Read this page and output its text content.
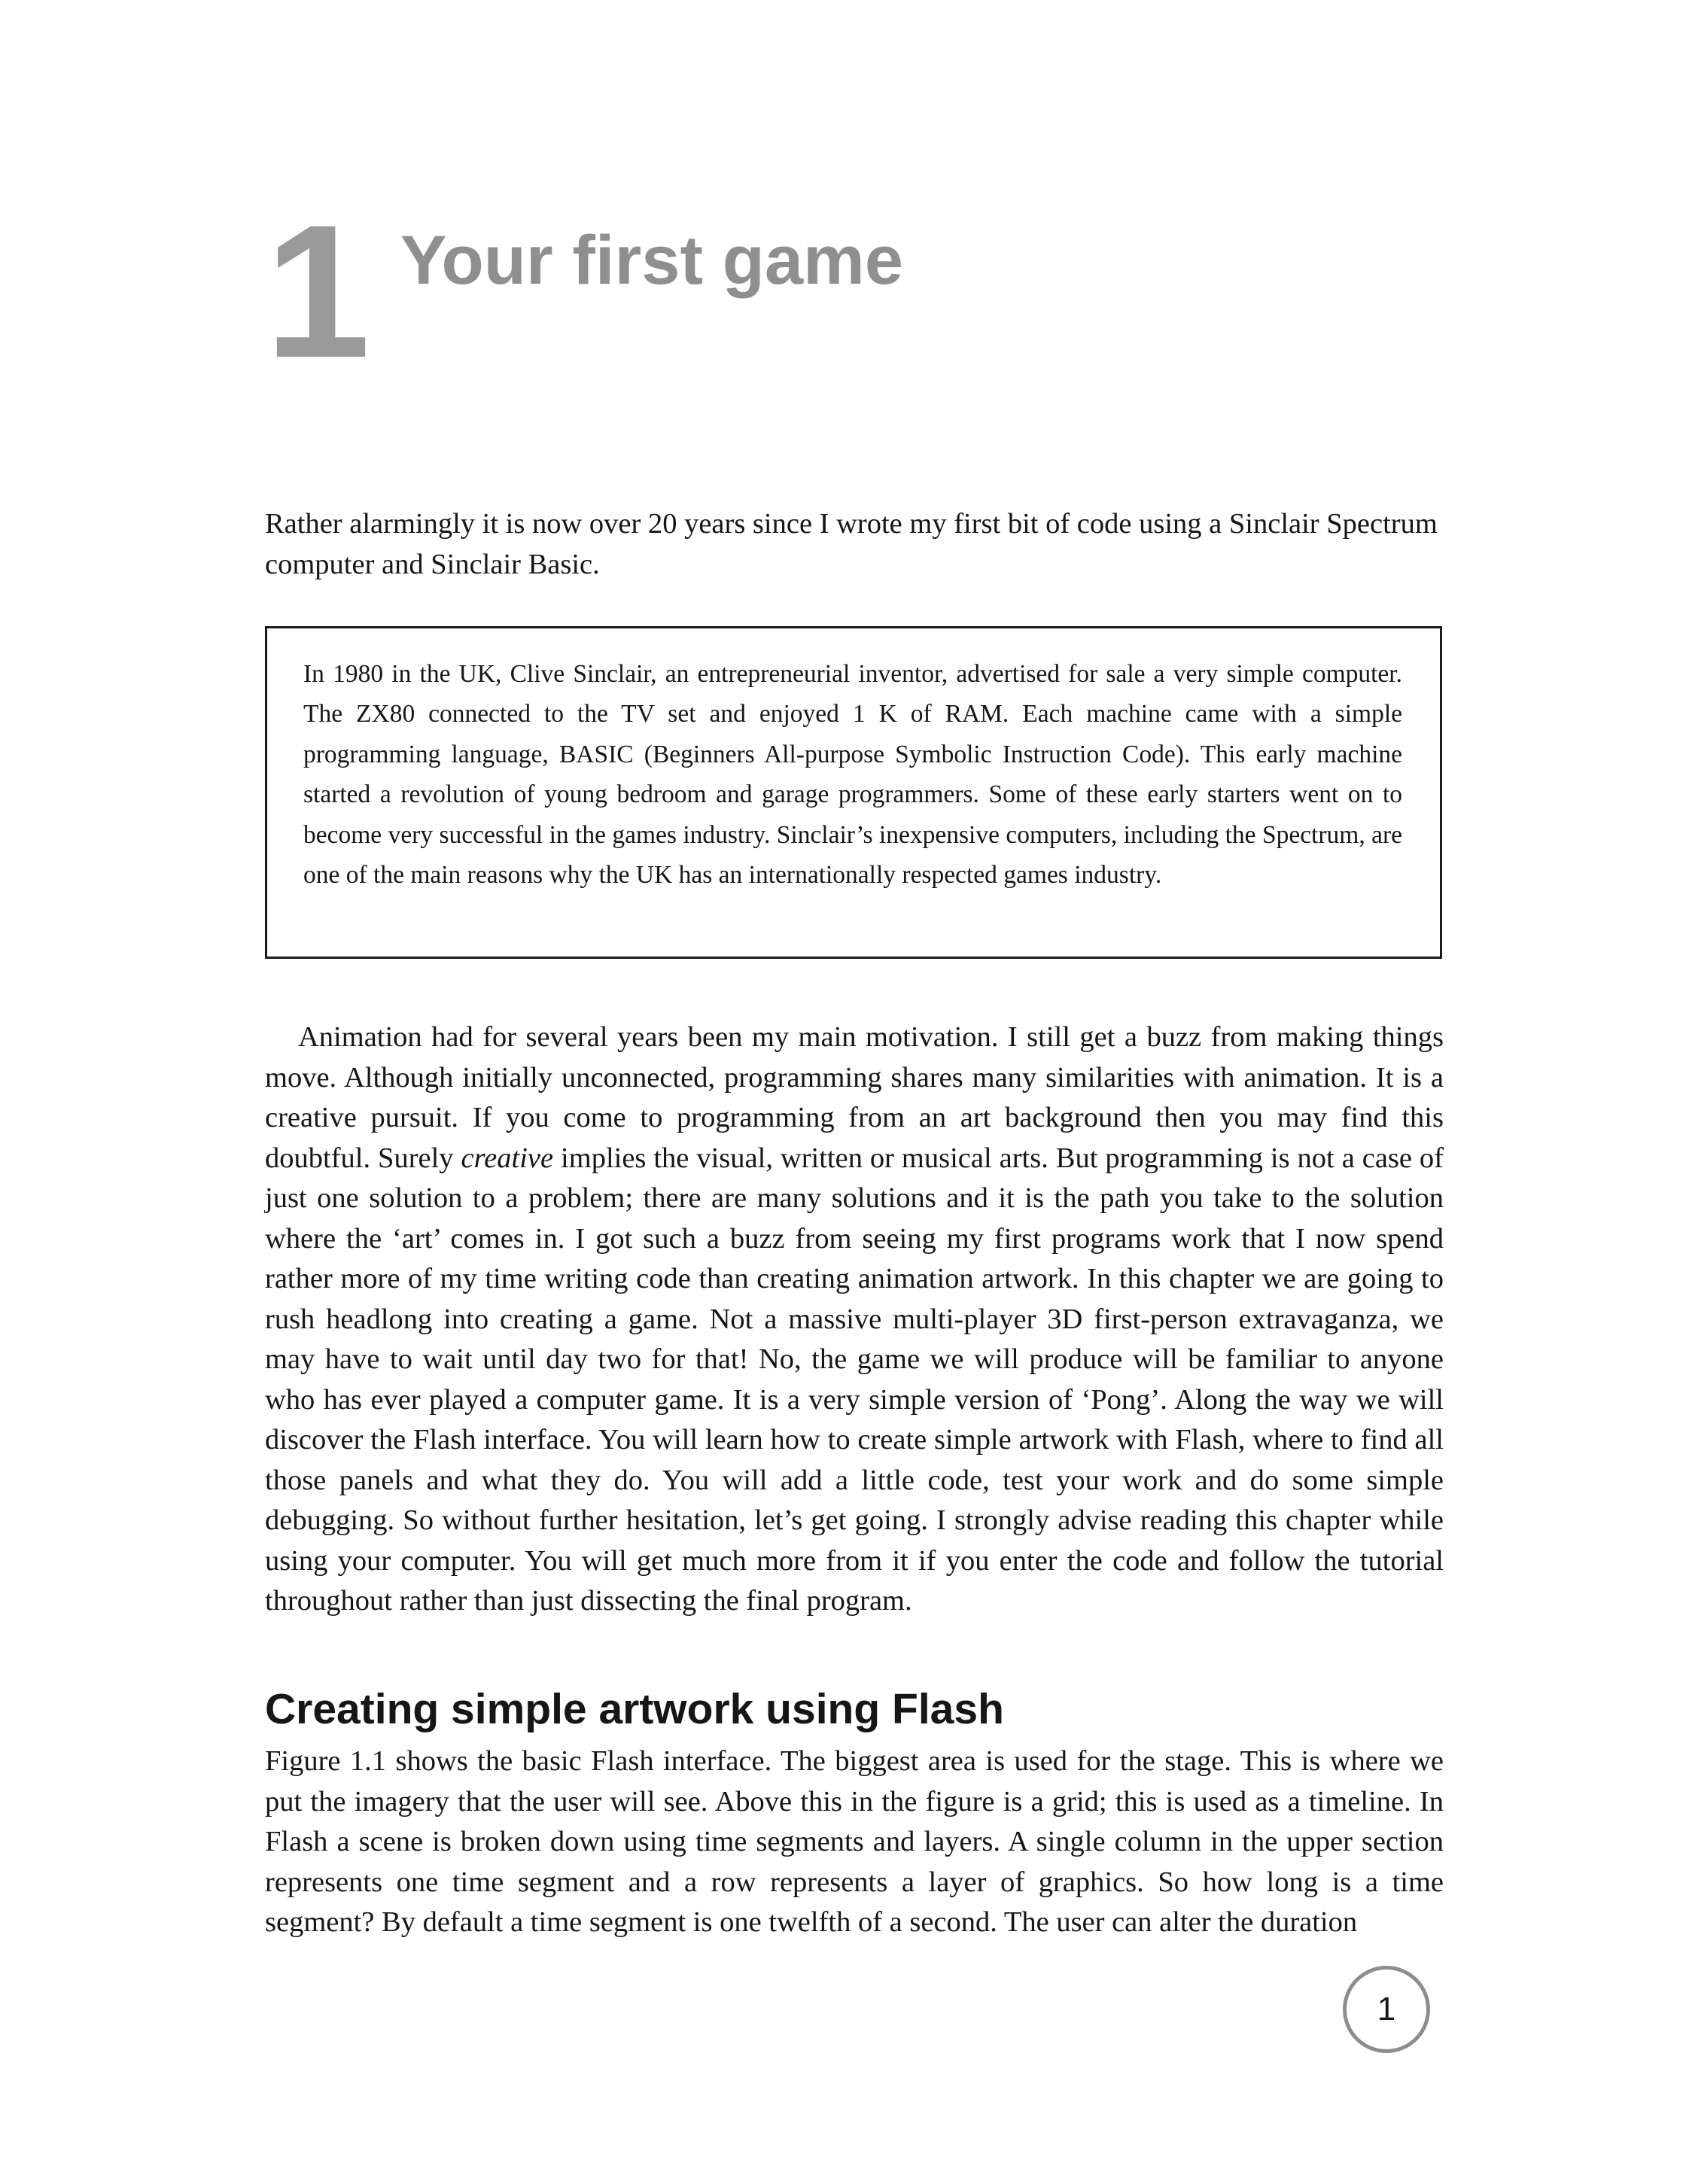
1 Your first game

Rather alarmingly it is now over 20 years since I wrote my first bit of code using a Sinclair Spectrum computer and Sinclair Basic.

In 1980 in the UK, Clive Sinclair, an entrepreneurial inventor, advertised for sale a very simple computer. The ZX80 connected to the TV set and enjoyed 1 K of RAM. Each machine came with a simple programming language, BASIC (Beginners All-purpose Symbolic Instruction Code). This early machine started a revolution of young bedroom and garage programmers. Some of these early starters went on to become very successful in the games industry. Sinclair’s inexpensive computers, including the Spectrum, are one of the main reasons why the UK has an internationally respected games industry.

Animation had for several years been my main motivation. I still get a buzz from making things move. Although initially unconnected, programming shares many similarities with animation. It is a creative pursuit. If you come to programming from an art background then you may find this doubtful. Surely creative implies the visual, written or musical arts. But programming is not a case of just one solution to a problem; there are many solutions and it is the path you take to the solution where the ‘art’ comes in. I got such a buzz from seeing my first programs work that I now spend rather more of my time writing code than creating animation artwork. In this chapter we are going to rush headlong into creating a game. Not a massive multi-player 3D first-person extravaganza, we may have to wait until day two for that! No, the game we will produce will be familiar to anyone who has ever played a computer game. It is a very simple version of ‘Pong’. Along the way we will discover the Flash interface. You will learn how to create simple artwork with Flash, where to find all those panels and what they do. You will add a little code, test your work and do some simple debugging. So without further hesitation, let’s get going. I strongly advise reading this chapter while using your computer. You will get much more from it if you enter the code and follow the tutorial throughout rather than just dissecting the final program.

Creating simple artwork using Flash

Figure 1.1 shows the basic Flash interface. The biggest area is used for the stage. This is where we put the imagery that the user will see. Above this in the figure is a grid; this is used as a timeline. In Flash a scene is broken down using time segments and layers. A single column in the upper section represents one time segment and a row represents a layer of graphics. So how long is a time segment? By default a time segment is one twelfth of a second. The user can alter the duration

1
